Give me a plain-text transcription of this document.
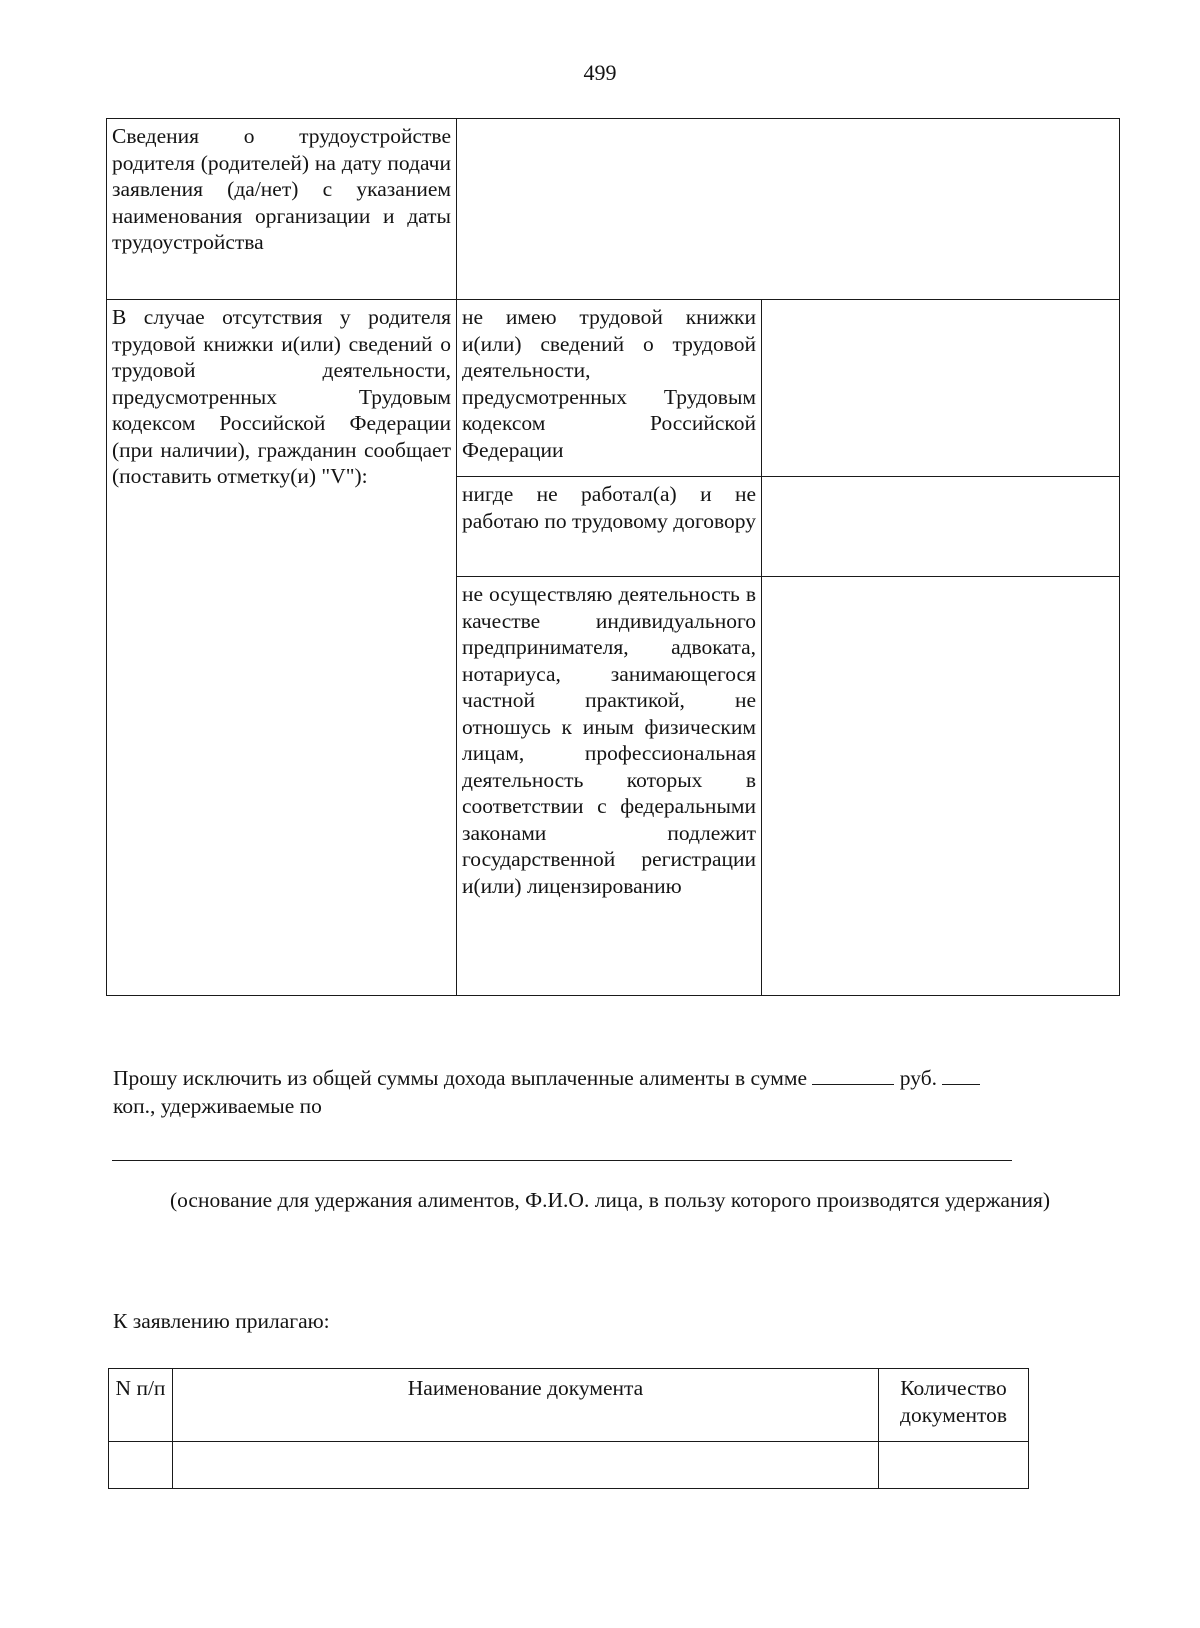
499
Сведения о трудоустройстве родителя (родителей) на дату подачи заявления (да/нет) с указанием наименования организации и даты трудоустройства		
В случае отсутствия у родителя трудовой книжки и(или) сведений о трудовой деятельности, предусмотренных Трудовым кодексом Российской Федерации (при наличии), гражданин сообщает (поставить отметку(и) "V"):	не имею трудовой книжки и(или) сведений о трудовой деятельности, предусмотренных Трудовым кодексом Российской Федерации	
	нигде не работал(а) и не работаю по трудовому договору	
	не осуществляю деятельность в качестве индивидуального предпринимателя, адвоката, нотариуса, занимающегося частной практикой, не отношусь к иным физическим лицам, профессиональная деятельность которых в соответствии с федеральными законами подлежит государственной регистрации и(или) лицензированию	
Прошу исключить из общей суммы дохода выплаченные алименты в сумме	руб.
коп., удерживаемые по
(основание для удержания алиментов, Ф.И.О. лица, в пользу которого производятся удержания)
К заявлению прилагаю:
N п/п	Наименование документа	Количество документов
